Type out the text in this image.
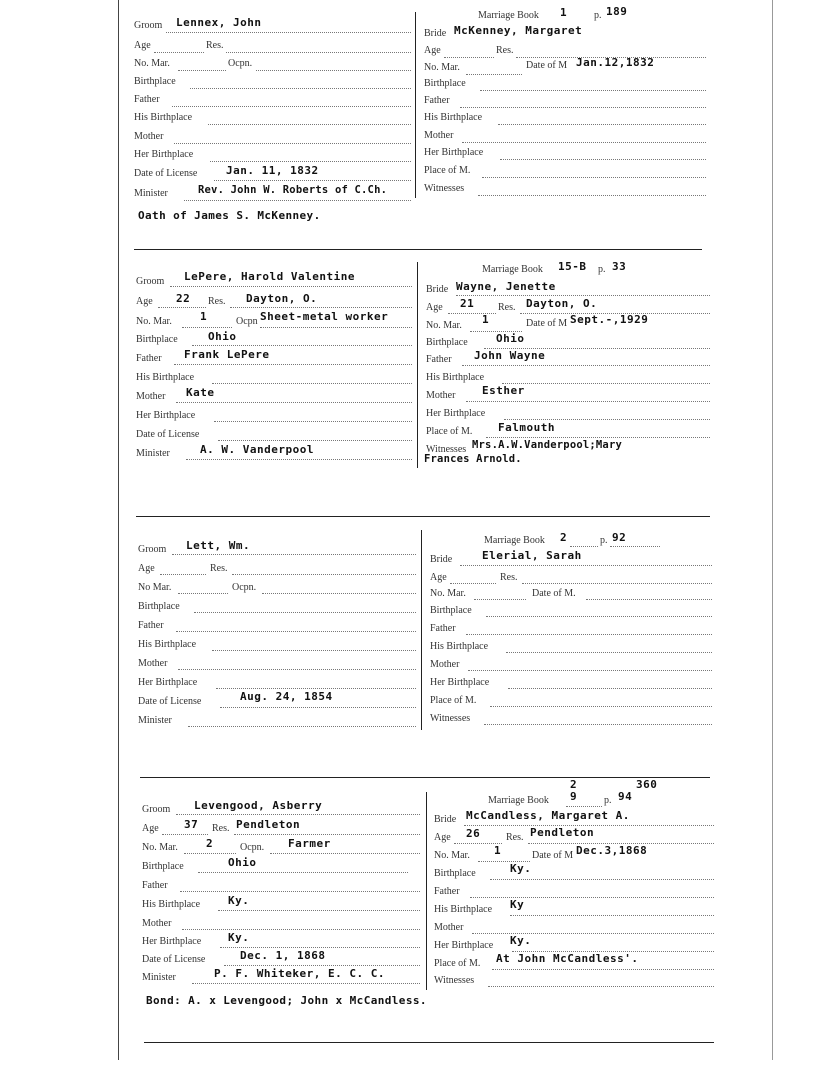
Groom Lennex, John
Age	Res.
No. Mar.	Ocpn.
Birthplace
Father
His Birthplace
Mother
Her Birthplace
Date of License	Jan. 11, 1832
Minister	Rev. John W. Roberts of C.Ch.
Marriage Book 1	p. 189
Bride McKenney, Margaret
Age	Res.
No. Mar.	Date of M Jan.12,1832
Birthplace
Father
His Birthplace
Mother
Her Birthplace
Place of M.
Witnesses
Oath of James S. McKenney.
Groom LePere, Harold Valentine
Age 22 Res. Dayton, O.
No. Mar.	1	Ocpn Sheet-metal worker
Birthplace	Ohio
Father Frank LePere
His Birthplace
Mother Kate
Her Birthplace
Date of License
Minister	A. W. Vanderpool
Marriage Book 15-B p. 33
Bride Wayne, Jenette
Age 21 Res. Dayton, O.
No. Mar. 1	Date of M Sept.-,1929
Birthplace	Ohio
Father John Wayne
His Birthplace
Mother Esther
Her Birthplace
Place of M. Falmouth
Witnesses Mrs.A.W.Vanderpool;Mary
Frances Arnold.
Groom Lett, Wm.
Age	Res.
No Mar.	Ocpn.
Birthplace
Father
His Birthplace
Mother
Her Birthplace
Date of License	Aug. 24, 1854
Minister
Marriage Book 2	p. 92
Bride	Elerial, Sarah
Age	Res.
No. Mar.	Date of M.
Birthplace
Father
His Birthplace
Mother
Her Birthplace
Place of M.
Witnesses
Groom Levengood, Asberry
Age 37 Res. Pendleton
No. Mar.	2	Ocpn. Farmer
Birthplace	Ohio
Father
His Birthplace	Ky.
Mother
Her Birthplace Ky.
Date of License	Dec. 1, 1868
Minister	P. F. Whiteker, E. C. C.
2	360
Marriage Book 9	p. 94
Bride McCandless, Margaret A.
Age 26	Res. Pendleton
No. Mar. 1	Date of M Dec.3,1868
Birthplace	Ky.
Father
His Birthplace Ky
Mother
Her Birthplace Ky.
Place of M. At John McCandless'.
Witnesses
Bond: A. x Levengood; John x McCandless.
